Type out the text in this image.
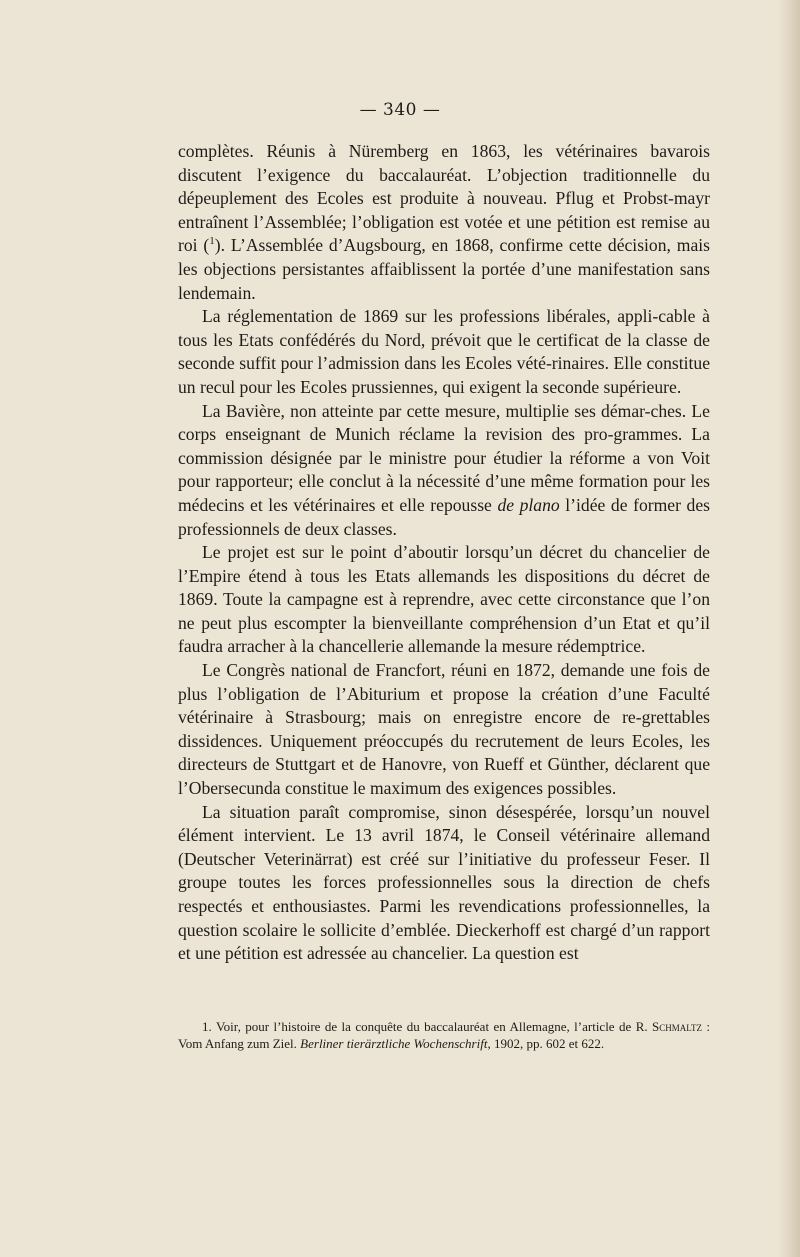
— 340 —

complètes. Réunis à Nüremberg en 1863, les vétérinaires bavarois discutent l’exigence du baccalauréat. L’objection traditionnelle du dépeuplement des Ecoles est produite à nouveau. Pflug et Probst-mayr entraînent l’Assemblée; l’obligation est votée et une pétition est remise au roi ($^1$). L’Assemblée d’Augsbourg, en 1868, confirme cette décision, mais les objections persistantes affaiblissent la portée d’une manifestation sans lendemain.

La réglementation de 1869 sur les professions libérales, appli-cable à tous les Etats confédérés du Nord, prévoit que le certificat de la classe de seconde suffit pour l’admission dans les Ecoles vété-rinaires. Elle constitue un recul pour les Ecoles prussiennes, qui exigent la seconde supérieure.

La Bavière, non atteinte par cette mesure, multiplie ses démar-ches. Le corps enseignant de Munich réclame la revision des pro-grammes. La commission désignée par le ministre pour étudier la réforme a von Voit pour rapporteur; elle conclut à la nécessité d’une même formation pour les médecins et les vétérinaires et elle repousse de plano l’idée de former des professionnels de deux classes.

Le projet est sur le point d’aboutir lorsqu’un décret du chancelier de l’Empire étend à tous les Etats allemands les dispositions du décret de 1869. Toute la campagne est à reprendre, avec cette circonstance que l’on ne peut plus escompter la bienveillante compréhension d’un Etat et qu’il faudra arracher à la chancellerie allemande la mesure rédemptrice.

Le Congrès national de Francfort, réuni en 1872, demande une fois de plus l’obligation de l’Abiturium et propose la création d’une Faculté vétérinaire à Strasbourg; mais on enregistre encore de re-grettables dissidences. Uniquement préoccupés du recrutement de leurs Ecoles, les directeurs de Stuttgart et de Hanovre, von Rueff et Günther, déclarent que l’Obersecunda constitue le maximum des exigences possibles.

La situation paraît compromise, sinon désespérée, lorsqu’un nouvel élément intervient. Le 13 avril 1874, le Conseil vétérinaire allemand (Deutscher Veterinärrat) est créé sur l’initiative du professeur Feser. Il groupe toutes les forces professionnelles sous la direction de chefs respectés et enthousiastes. Parmi les revendications professionnelles, la question scolaire le sollicite d’emblée. Dieckerhoff est chargé d’un rapport et une pétition est adressée au chancelier. La question est

1. Voir, pour l’histoire de la conquête du baccalauréat en Allemagne, l’article de R. Schmaltz : Vom Anfang zum Ziel. Berliner tierärztliche Wochenschrift, 1902, pp. 602 et 622.
